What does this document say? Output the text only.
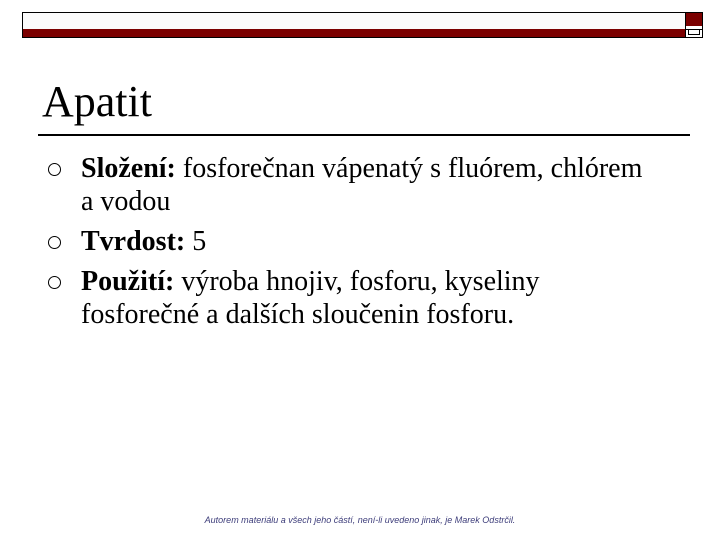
Apatit
Složení: fosforečnan vápenatý s fluórem, chlórem a vodou
Tvrdost: 5
Použití: výroba hnojiv, fosforu, kyseliny fosforečné a dalších sloučenin fosforu.
Autorem materiálu a všech jeho částí, není-li uvedeno jinak, je Marek Odstrčil.
